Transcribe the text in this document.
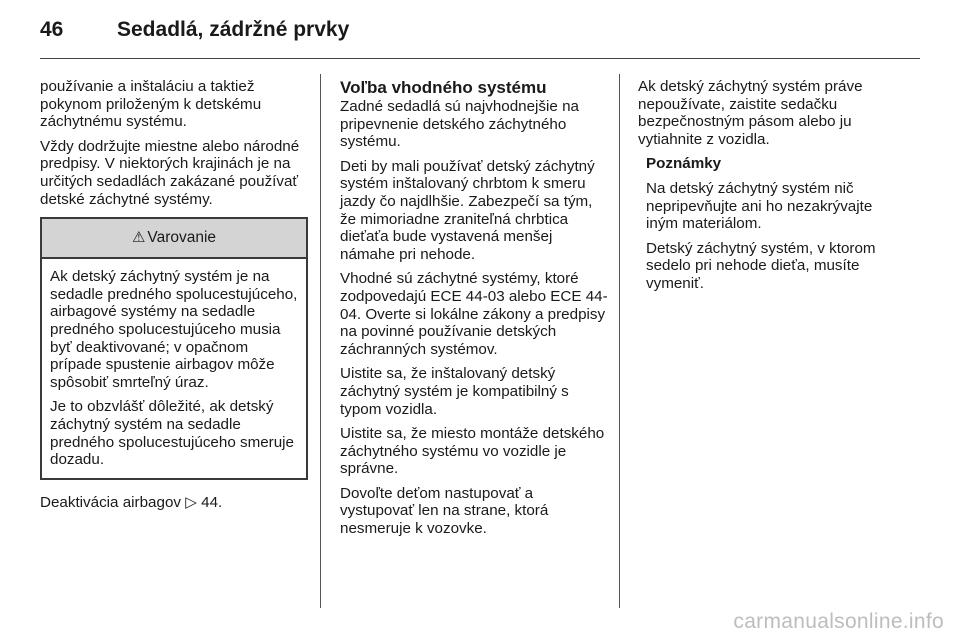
46	Sedadlá, zádržné prvky

používanie a inštaláciu a taktiež pokynom priloženým k detskému záchytnému systému.

Vždy dodržujte miestne alebo národné predpisy. V niektorých krajinách je na určitých sedadlách zakázané používať detské záchytné systémy.

⚠ Varovanie

Ak detský záchytný systém je na sedadle predného spolucestujúceho, airbagové systémy na sedadle predného spolucestujúceho musia byť deaktivované; v opačnom prípade spustenie airbagov môže spôsobiť smrteľný úraz.

Je to obzvlášť dôležité, ak detský záchytný systém na sedadle predného spolucestujúceho smeruje dozadu.

Deaktivácia airbagov ▷ 44.

Voľba vhodného systému

Zadné sedadlá sú najvhodnejšie na pripevnenie detského záchytného systému.

Deti by mali používať detský záchytný systém inštalovaný chrbtom k smeru jazdy čo najdlhšie. Zabezpečí sa tým, že mimoriadne zraniteľná chrbtica dieťaťa bude vystavená menšej námahe pri nehode.

Vhodné sú záchytné systémy, ktoré zodpovedajú ECE 44-03 alebo ECE 44-04. Overte si lokálne zákony a predpisy na povinné používanie detských záchranných systémov.

Uistite sa, že inštalovaný detský záchytný systém je kompatibilný s typom vozidla.

Uistite sa, že miesto montáže detského záchytného systému vo vozidle je správne.

Dovoľte deťom nastupovať a vystupovať len na strane, ktorá nesmeruje k vozovke.

Ak detský záchytný systém práve nepoužívate, zaistite sedačku bezpečnostným pásom alebo ju vytiahnite z vozidla.

Poznámky

Na detský záchytný systém nič nepripevňujte ani ho nezakrývajte iným materiálom.

Detský záchytný systém, v ktorom sedelo pri nehode dieťa, musíte vymeniť.

carmanualsonline.info
